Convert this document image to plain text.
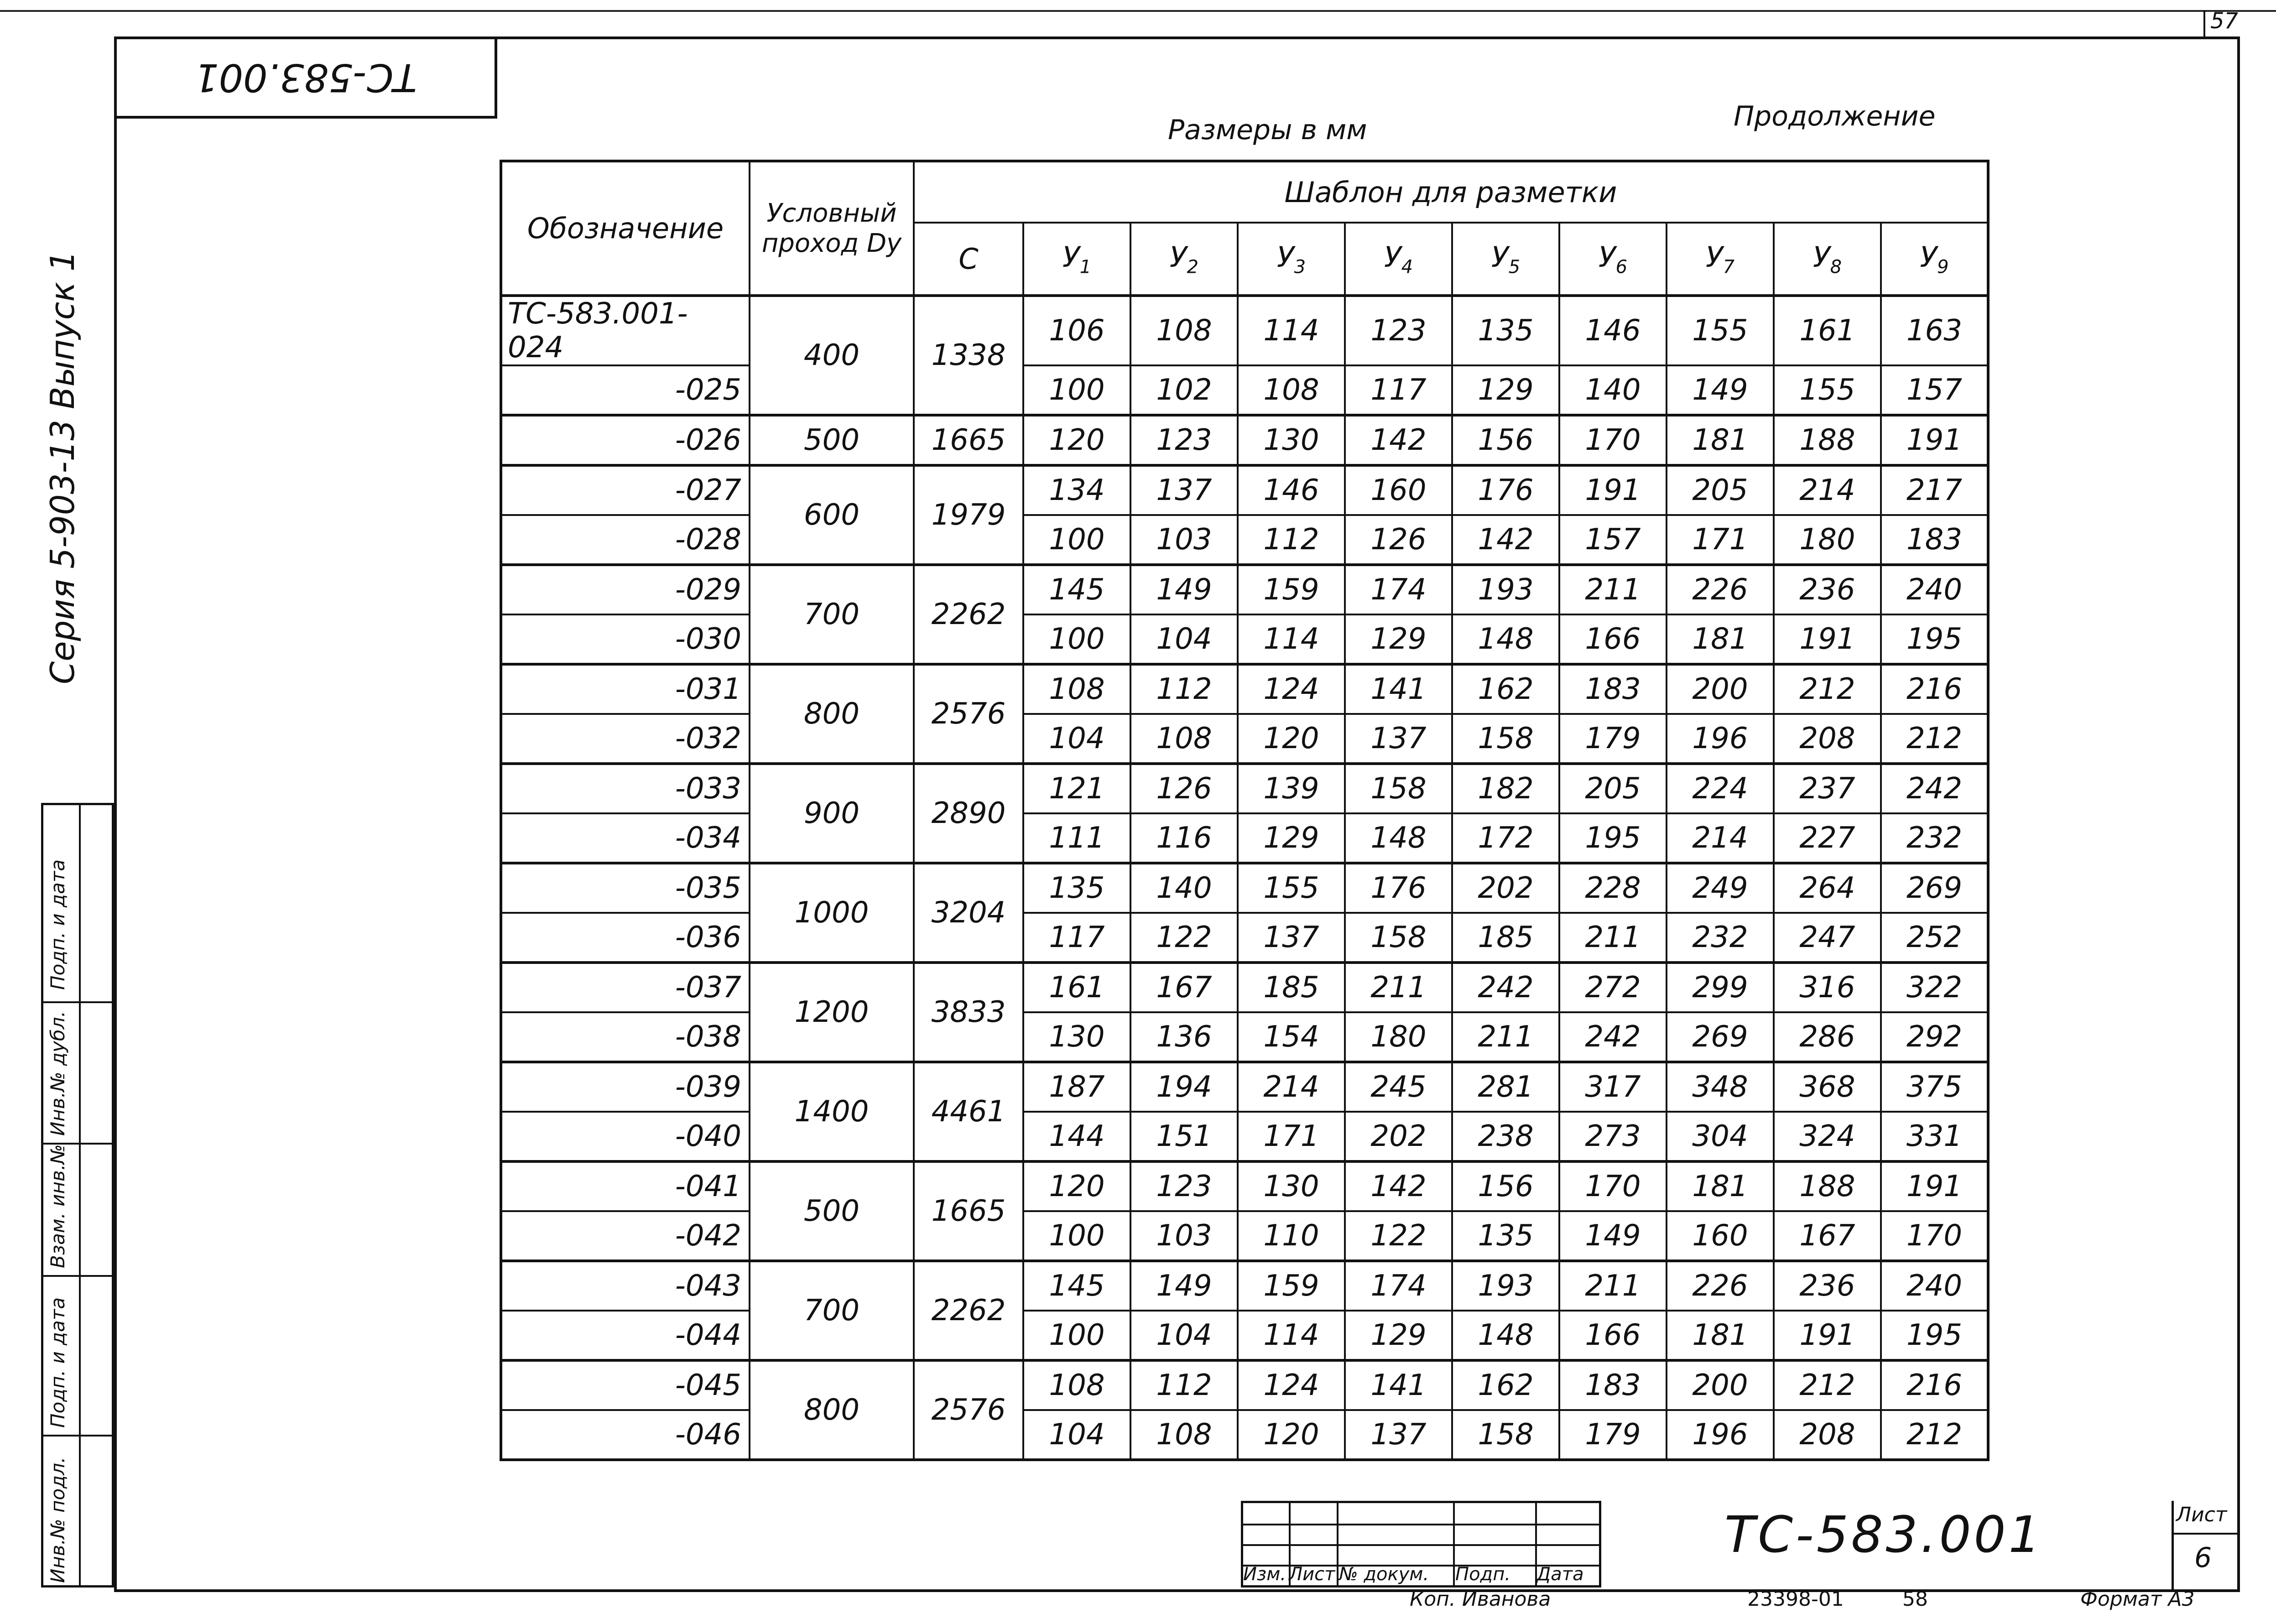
57
ТС-583.001
Серия 5-903-13 Выпуск 1
Подп. и дата
Инв.№ дубл.
Взам. инв.№
Подп. и дата
Инв.№ подл.
Размеры в мм	Продолжение
Обозначение	Условный проход Dy	Шаблон для разметки									
		C	$У_1$	$У_2$	$У_3$	$У_4$	$У_5$	$У_6$	$У_7$	$У_8$	$У_9$
ТС-583.001-024	400	1338	106	108	114	123	135	146	155	161	163
-025			100	102	108	117	129	140	149	155	157
-026	500	1665	120	123	130	142	156	170	181	188	191
-027	600	1979	134	137	146	160	176	191	205	214	217
-028			100	103	112	126	142	157	171	180	183
-029	700	2262	145	149	159	174	193	211	226	236	240
-030			100	104	114	129	148	166	181	191	195
-031	800	2576	108	112	124	141	162	183	200	212	216
-032			104	108	120	137	158	179	196	208	212
-033	900	2890	121	126	139	158	182	205	224	237	242
-034			111	116	129	148	172	195	214	227	232
-035	1000	3204	135	140	155	176	202	228	249	264	269
-036			117	122	137	158	185	211	232	247	252
-037	1200	3833	161	167	185	211	242	272	299	316	322
-038			130	136	154	180	211	242	269	286	292
-039	1400	4461	187	194	214	245	281	317	348	368	375
-040			144	151	171	202	238	273	304	324	331
-041	500	1665	120	123	130	142	156	170	181	188	191
-042			100	103	110	122	135	149	160	167	170
-043	700	2262	145	149	159	174	193	211	226	236	240
-044			100	104	114	129	148	166	181	191	195
-045	800	2576	108	112	124	141	162	183	200	212	216
-046			104	108	120	137	158	179	196	208	212
Изм. Лист № докум. Подп. Дата
ТС-583.001	Лист
6
Коп. Иванова	23398-01	58	Формат А3
